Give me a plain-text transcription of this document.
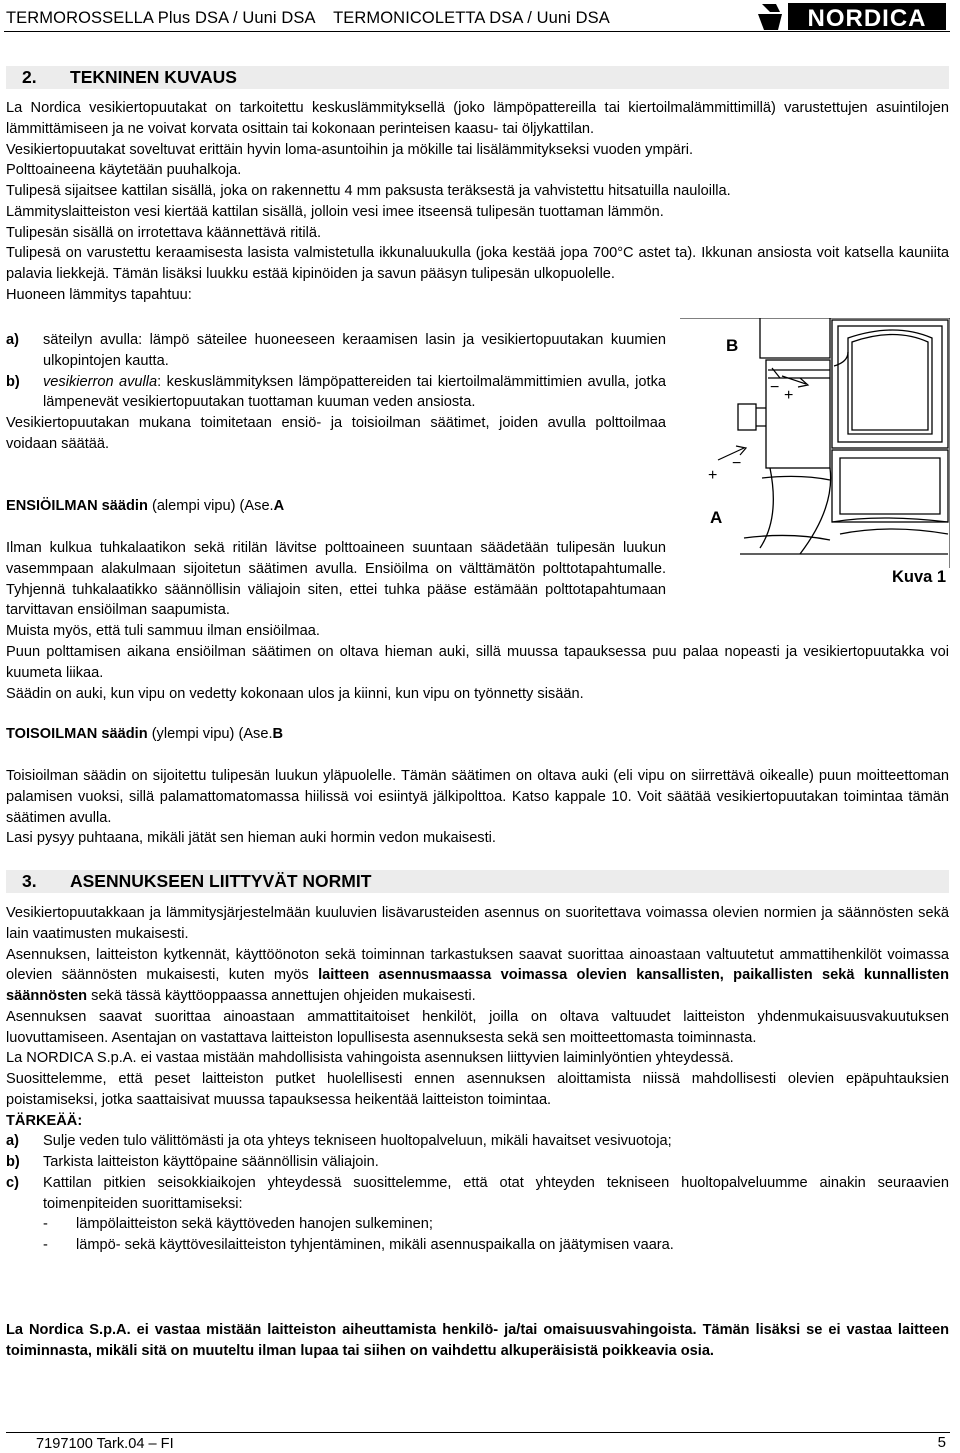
TERMOROSSELLA Plus DSA / Uuni DSA    TERMONICOLETTA DSA / Uuni DSA	NORDICA
2. TEKNINEN KUVAUS

La Nordica vesikiertopuutakat on tarkoitettu keskuslämmityksellä (joko lämpöpattereilla tai kiertoilmalämmittimillä) varustettujen asuintilojen lämmittämiseen ja ne voivat korvata osittain tai kokonaan perinteisen kaasu- tai öljykattilan.

Vesikiertopuutakat soveltuvat erittäin hyvin loma-asuntoihin ja mökille tai lisälämmitykseksi vuoden ympäri.

Polttoaineena käytetään puuhalkoja.

Tulipesä sijaitsee kattilan sisällä, joka on rakennettu 4 mm paksusta teräksestä ja vahvistettu hitsatuilla nauloilla.

Lämmityslaitteiston vesi kiertää kattilan sisällä, jolloin vesi imee itseensä tulipesän tuottaman lämmön.

Tulipesän sisällä on irrotettava käännettävä ritilä.

Tulipesä on varustettu keraamisesta lasista valmistetulla ikkunaluukulla (joka kestää jopa 700°C astet ta). Ikkunan ansiosta voit katsella kauniita palavia liekkejä. Tämän lisäksi luukku estää kipinöiden ja savun pääsyn tulipesän ulkopuolelle.

Huoneen lämmitys tapahtuu:

a)	säteilyn avulla: lämpö säteilee huoneeseen keraamisen lasin ja vesikiertopuutakan kuumien ulkopintojen kautta.
b)	vesikierron avulla: keskuslämmityksen lämpöpattereiden tai kiertoilmalämmittimien avulla, jotka lämpenevät vesikiertopuutakan tuottaman kuuman veden ansiosta.

Vesikiertopuutakan mukana toimitetaan ensiö- ja toisioilman säätimet, joiden avulla polttoilmaa voidaan säätää.

ENSIÖILMAN säädin (alempi vipu) (Ase.A

Ilman kulkua tuhkalaatikon sekä ritilän lävitse polttoaineen suuntaan säädetään tulipesän luukun vasemmpaan alakulmaan sijoitetun säätimen avulla. Ensiöilma on välttämätön polttotapahtumalle. Tyhjennä tuhkalaatikko säännöllisin väliajoin siten, ettei tuhka pääse estämään polttotapahtumaan tarvittavan ensiöilman saapumista.

Muista myös, että tuli sammuu ilman ensiöilmaa.

Puun polttamisen aikana ensiöilman säätimen on oltava hieman auki, sillä muussa tapauksessa puu palaa nopeasti ja vesikiertopuutakka voi kuumeta liikaa.

Säädin on auki, kun vipu on vedetty kokonaan ulos ja kiinni, kun vipu on työnnetty sisään.

TOISOILMAN säädin (ylempi vipu) (Ase.B

Toisioilman säädin on sijoitettu tulipesän luukun yläpuolelle. Tämän säätimen on oltava auki (eli vipu on siirrettävä oikealle) puun moitteettoman palamisen vuoksi, sillä palamattomatomassa hiilissä voi esiintyä jälkipolttoa. Katso kappale 10. Voit säätää vesikiertopuutakan toimintaa tämän säätimen avulla.

Lasi pysyy puhtaana, mikäli jätät sen hieman auki hormin vedon mukaisesti.

− +
+
−
B
A
Kuva 1
3. ASENNUKSEEN LIITTYVÄT NORMIT

Vesikiertopuutakkaan ja lämmitysjärjestelmään kuuluvien lisävarusteiden asennus on suoritettava voimassa olevien normien ja säännösten sekä lain vaatimusten mukaisesti.

Asennuksen, laitteiston kytkennät, käyttöönoton sekä toiminnan tarkastuksen saavat suorittaa ainoastaan valtuutetut ammattihenkilöt voimassa olevien säännösten mukaisesti, kuten myös laitteen asennusmaassa voimassa olevien kansallisten, paikallisten sekä kunnallisten säännösten sekä tässä käyttöoppaassa annettujen ohjeiden mukaisesti.

Asennuksen saavat suorittaa ainoastaan ammattitaitoiset henkilöt, joilla on oltava valtuudet laitteiston yhdenmukaisuusvakuutuksen luovuttamiseen. Asentajan on vastattava laitteiston lopullisesta asennuksesta sekä sen moitteettomasta toiminnasta.

La NORDICA S.p.A. ei vastaa mistään mahdollisista vahingoista asennuksen liittyvien laiminlyöntien yhteydessä.

Suosittelemme, että peset laitteiston putket huolellisesti ennen asennuksen aloittamista niissä mahdollisesti olevien epäpuhtauksien poistamiseksi, jotka saattaisivat muussa tapauksessa heikentää laitteiston toimintaa.

TÄRKEÄÄ:

a)	Sulje veden tulo välittömästi ja ota yhteys tekniseen huoltopalveluun, mikäli havaitset vesivuotoja;
b)	Tarkista laitteiston käyttöpaine säännöllisin väliajoin.
c)	Kattilan pitkien seisokkiaikojen yhteydessä suosittelemme, että otat yhteyden tekniseen huoltopalveluumme ainakin seuraavien toimenpiteiden suorittamiseksi:
-	lämpölaitteiston sekä käyttöveden hanojen sulkeminen;
-	lämpö- sekä käyttövesilaitteiston tyhjentäminen, mikäli asennuspaikalla on jäätymisen vaara.

La Nordica S.p.A. ei vastaa mistään laitteiston aiheuttamista henkilö- ja/tai omaisuusvahingoista. Tämän lisäksi se ei vastaa laitteen toiminnasta, mikäli sitä on muuteltu ilman lupaa tai siihen on vaihdettu alkuperäisistä poikkeavia osia.

7197100 Tark.04 – FI	5
